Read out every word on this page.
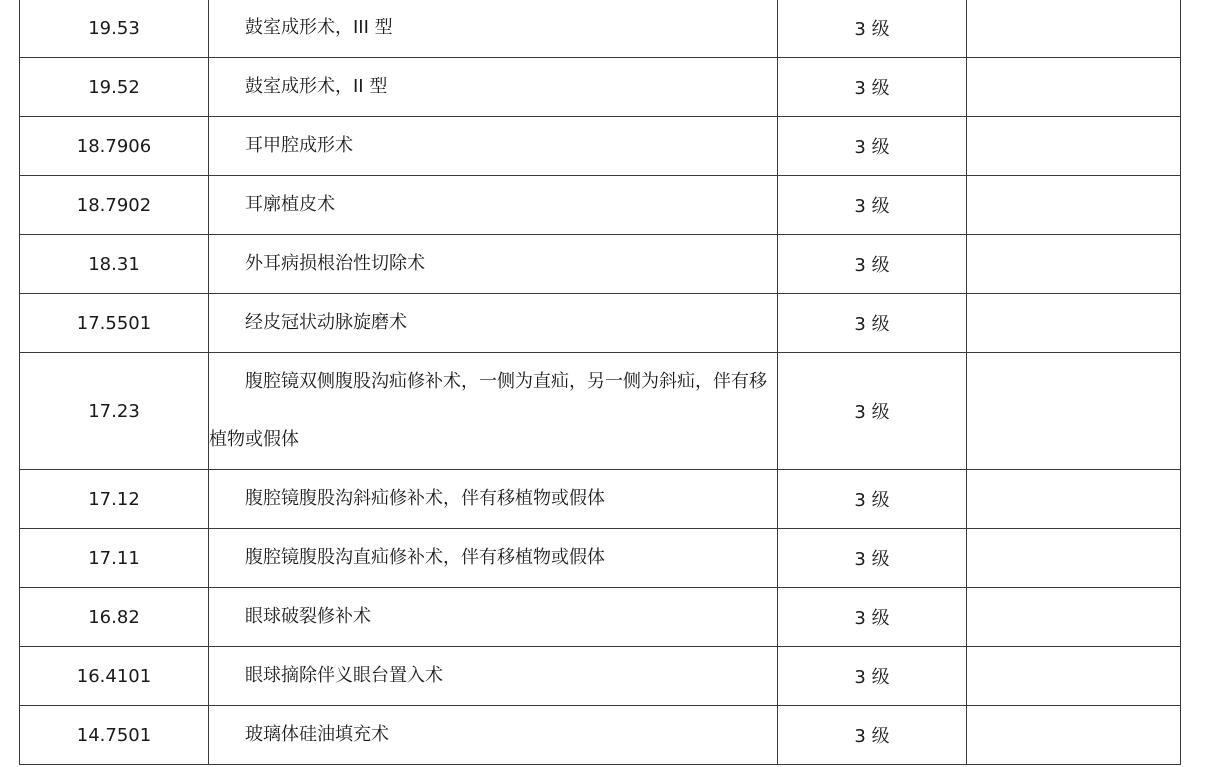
19.53	鼓室成形术，III 型	3 级	
19.52	鼓室成形术，II 型	3 级	
18.7906	耳甲腔成形术	3 级	
18.7902	耳廓植皮术	3 级	
18.31	外耳病损根治性切除术	3 级	
17.5501	经皮冠状动脉旋磨术	3 级	
17.23	腹腔镜双侧腹股沟疝修补术，一侧为直疝，另一侧为斜疝，伴有移植物或假体	3 级	
17.12	腹腔镜腹股沟斜疝修补术，伴有移植物或假体	3 级	
17.11	腹腔镜腹股沟直疝修补术，伴有移植物或假体	3 级	
16.82	眼球破裂修补术	3 级	
16.4101	眼球摘除伴义眼台置入术	3 级	
14.7501	玻璃体硅油填充术	3 级	
